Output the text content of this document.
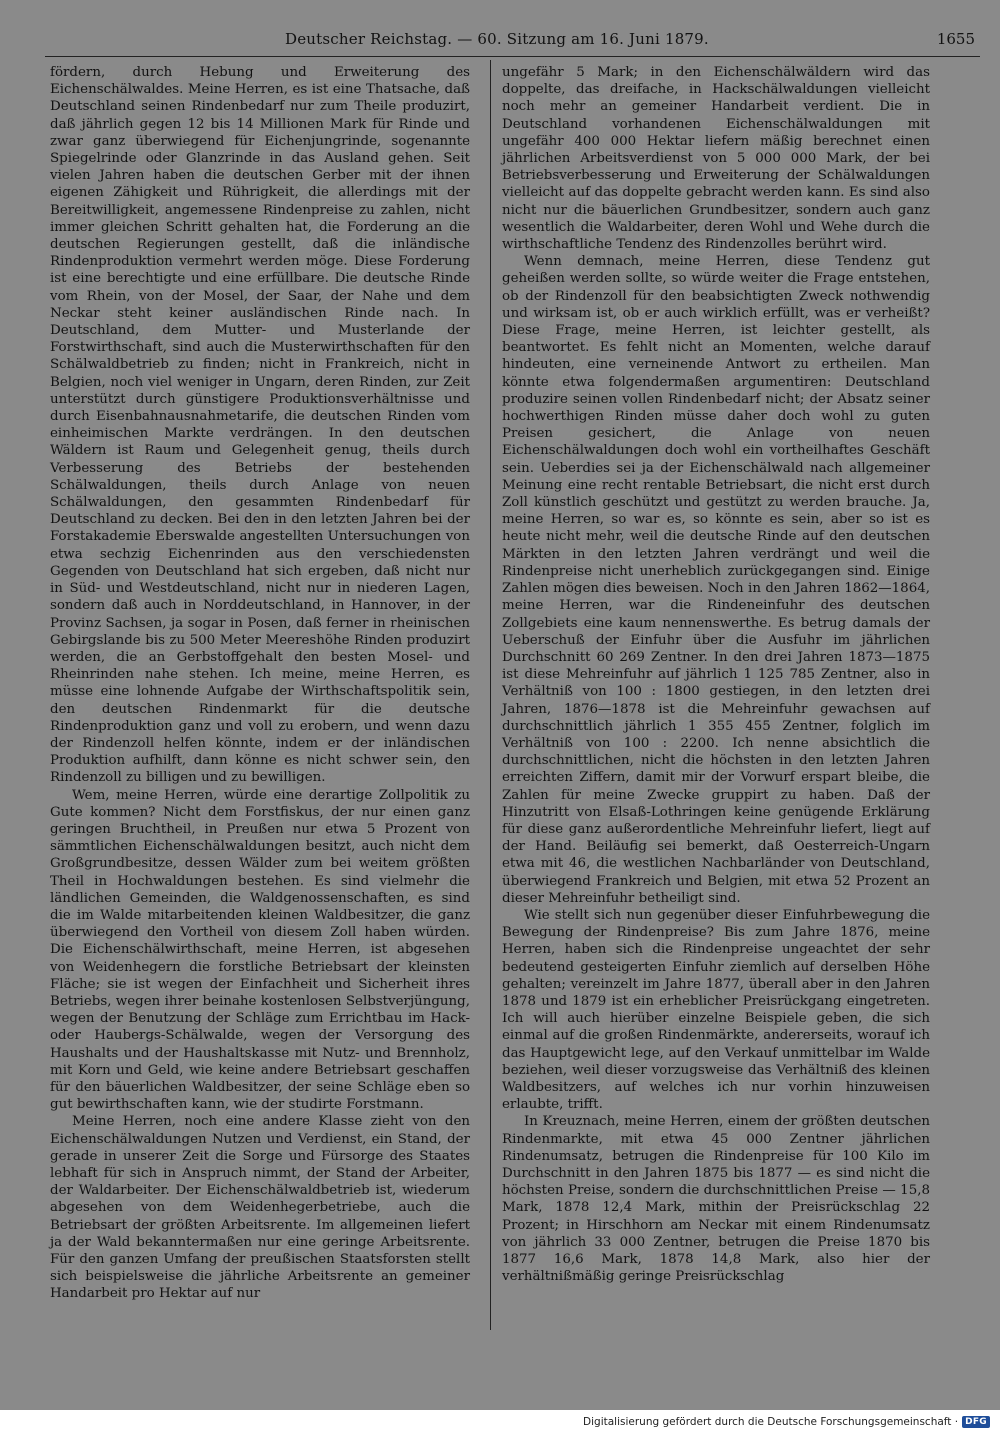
Deutscher Reichstag. — 60. Sitzung am 16. Juni 1879.	1655

fördern, durch Hebung und Erweiterung des Eichenschälwaldes. Meine Herren, es ist eine Thatsache, daß Deutschland seinen Rindenbedarf nur zum Theile produzirt, daß jährlich gegen 12 bis 14 Millionen Mark für Rinde und zwar ganz überwiegend für Eichenjungrinde, sogenannte Spiegelrinde oder Glanzrinde in das Ausland gehen. Seit vielen Jahren haben die deutschen Gerber mit der ihnen eigenen Zähigkeit und Rührigkeit, die allerdings mit der Bereitwilligkeit, angemessene Rindenpreise zu zahlen, nicht immer gleichen Schritt gehalten hat, die Forderung an die deutschen Regierungen gestellt, daß die inländische Rindenproduktion vermehrt werden möge. Diese Forderung ist eine berechtigte und eine erfüllbare. Die deutsche Rinde vom Rhein, von der Mosel, der Saar, der Nahe und dem Neckar steht keiner ausländischen Rinde nach. In Deutschland, dem Mutter- und Musterlande der Forstwirthschaft, sind auch die Musterwirthschaften für den Schälwaldbetrieb zu finden; nicht in Frankreich, nicht in Belgien, noch viel weniger in Ungarn, deren Rinden, zur Zeit unterstützt durch günstigere Produktionsverhältnisse und durch Eisenbahnausnahmetarife, die deutschen Rinden vom einheimischen Markte verdrängen. In den deutschen Wäldern ist Raum und Gelegenheit genug, theils durch Verbesserung des Betriebs der bestehenden Schälwaldungen, theils durch Anlage von neuen Schälwaldungen, den gesammten Rindenbedarf für Deutschland zu decken. Bei den in den letzten Jahren bei der Forstakademie Eberswalde angestellten Untersuchungen von etwa sechzig Eichenrinden aus den verschiedensten Gegenden von Deutschland hat sich ergeben, daß nicht nur in Süd- und Westdeutschland, nicht nur in niederen Lagen, sondern daß auch in Norddeutschland, in Hannover, in der Provinz Sachsen, ja sogar in Posen, daß ferner in rheinischen Gebirgslande bis zu 500 Meter Meereshöhe Rinden produzirt werden, die an Gerbstoffgehalt den besten Mosel- und Rheinrinden nahe stehen. Ich meine, meine Herren, es müsse eine lohnende Aufgabe der Wirthschaftspolitik sein, den deutschen Rindenmarkt für die deutsche Rindenproduktion ganz und voll zu erobern, und wenn dazu der Rindenzoll helfen könnte, indem er der inländischen Produktion aufhilft, dann könne es nicht schwer sein, den Rindenzoll zu billigen und zu bewilligen.

Wem, meine Herren, würde eine derartige Zollpolitik zu Gute kommen? Nicht dem Forstfiskus, der nur einen ganz geringen Bruchtheil, in Preußen nur etwa 5 Prozent von sämmtlichen Eichenschälwaldungen besitzt, auch nicht dem Großgrundbesitze, dessen Wälder zum bei weitem größten Theil in Hochwaldungen bestehen. Es sind vielmehr die ländlichen Gemeinden, die Waldgenossenschaften, es sind die im Walde mitarbeitenden kleinen Waldbesitzer, die ganz überwiegend den Vortheil von diesem Zoll haben würden. Die Eichenschälwirthschaft, meine Herren, ist abgesehen von Weidenhegern die forstliche Betriebsart der kleinsten Fläche; sie ist wegen der Einfachheit und Sicherheit ihres Betriebs, wegen ihrer beinahe kostenlosen Selbstverjüngung, wegen der Benutzung der Schläge zum Errichtbau im Hack- oder Haubergs-Schälwalde, wegen der Versorgung des Haushalts und der Haushaltskasse mit Nutz- und Brennholz, mit Korn und Geld, wie keine andere Betriebsart geschaffen für den bäuerlichen Waldbesitzer, der seine Schläge eben so gut bewirthschaften kann, wie der studirte Forstmann.

Meine Herren, noch eine andere Klasse zieht von den Eichenschälwaldungen Nutzen und Verdienst, ein Stand, der gerade in unserer Zeit die Sorge und Fürsorge des Staates lebhaft für sich in Anspruch nimmt, der Stand der Arbeiter, der Waldarbeiter. Der Eichenschälwaldbetrieb ist, wiederum abgesehen von dem Weidenhegerbetriebe, auch die Betriebsart der größten Arbeitsrente. Im allgemeinen liefert ja der Wald bekanntermaßen nur eine geringe Arbeitsrente. Für den ganzen Umfang der preußischen Staatsforsten stellt sich beispielsweise die jährliche Arbeitsrente an gemeiner Handarbeit pro Hektar auf nur

ungefähr 5 Mark; in den Eichenschälwäldern wird das doppelte, das dreifache, in Hackschälwaldungen vielleicht noch mehr an gemeiner Handarbeit verdient. Die in Deutschland vorhandenen Eichenschälwaldungen mit ungefähr 400 000 Hektar liefern mäßig berechnet einen jährlichen Arbeitsverdienst von 5 000 000 Mark, der bei Betriebsverbesserung und Erweiterung der Schälwaldungen vielleicht auf das doppelte gebracht werden kann. Es sind also nicht nur die bäuerlichen Grundbesitzer, sondern auch ganz wesentlich die Waldarbeiter, deren Wohl und Wehe durch die wirthschaftliche Tendenz des Rindenzolles berührt wird.

Wenn demnach, meine Herren, diese Tendenz gut geheißen werden sollte, so würde weiter die Frage entstehen, ob der Rindenzoll für den beabsichtigten Zweck nothwendig und wirksam ist, ob er auch wirklich erfüllt, was er verheißt? Diese Frage, meine Herren, ist leichter gestellt, als beantwortet. Es fehlt nicht an Momenten, welche darauf hindeuten, eine verneinende Antwort zu ertheilen. Man könnte etwa folgendermaßen argumentiren: Deutschland produzire seinen vollen Rindenbedarf nicht; der Absatz seiner hochwerthigen Rinden müsse daher doch wohl zu guten Preisen gesichert, die Anlage von neuen Eichenschälwaldungen doch wohl ein vortheilhaftes Geschäft sein. Ueberdies sei ja der Eichenschälwald nach allgemeiner Meinung eine recht rentable Betriebsart, die nicht erst durch Zoll künstlich geschützt und gestützt zu werden brauche. Ja, meine Herren, so war es, so könnte es sein, aber so ist es heute nicht mehr, weil die deutsche Rinde auf den deutschen Märkten in den letzten Jahren verdrängt und weil die Rindenpreise nicht unerheblich zurückgegangen sind. Einige Zahlen mögen dies beweisen. Noch in den Jahren 1862—1864, meine Herren, war die Rindeneinfuhr des deutschen Zollgebiets eine kaum nennenswerthe. Es betrug damals der Ueberschuß der Einfuhr über die Ausfuhr im jährlichen Durchschnitt 60 269 Zentner. In den drei Jahren 1873—1875 ist diese Mehreinfuhr auf jährlich 1 125 785 Zentner, also in Verhältniß von 100 : 1800 gestiegen, in den letzten drei Jahren, 1876—1878 ist die Mehreinfuhr gewachsen auf durchschnittlich jährlich 1 355 455 Zentner, folglich im Verhältniß von 100 : 2200. Ich nenne absichtlich die durchschnittlichen, nicht die höchsten in den letzten Jahren erreichten Ziffern, damit mir der Vorwurf erspart bleibe, die Zahlen für meine Zwecke gruppirt zu haben. Daß der Hinzutritt von Elsaß-Lothringen keine genügende Erklärung für diese ganz außerordentliche Mehreinfuhr liefert, liegt auf der Hand. Beiläufig sei bemerkt, daß Oesterreich-Ungarn etwa mit 46, die westlichen Nachbarländer von Deutschland, überwiegend Frankreich und Belgien, mit etwa 52 Prozent an dieser Mehreinfuhr betheiligt sind.

Wie stellt sich nun gegenüber dieser Einfuhrbewegung die Bewegung der Rindenpreise? Bis zum Jahre 1876, meine Herren, haben sich die Rindenpreise ungeachtet der sehr bedeutend gesteigerten Einfuhr ziemlich auf derselben Höhe gehalten; vereinzelt im Jahre 1877, überall aber in den Jahren 1878 und 1879 ist ein erheblicher Preisrückgang eingetreten. Ich will auch hierüber einzelne Beispiele geben, die sich einmal auf die großen Rindenmärkte, andererseits, worauf ich das Hauptgewicht lege, auf den Verkauf unmittelbar im Walde beziehen, weil dieser vorzugsweise das Verhältniß des kleinen Waldbesitzers, auf welches ich nur vorhin hinzuweisen erlaubte, trifft.

In Kreuznach, meine Herren, einem der größten deutschen Rindenmarkte, mit etwa 45 000 Zentner jährlichen Rindenumsatz, betrugen die Rindenpreise für 100 Kilo im Durchschnitt in den Jahren 1875 bis 1877 — es sind nicht die höchsten Preise, sondern die durchschnittlichen Preise — 15,8 Mark, 1878 12,4 Mark, mithin der Preisrückschlag 22 Prozent; in Hirschhorn am Neckar mit einem Rindenumsatz von jährlich 33 000 Zentner, betrugen die Preise 1870 bis 1877 16,6 Mark, 1878 14,8 Mark, also hier der verhältnißmäßig geringe Preisrückschlag

Digitalisierung gefördert durch die Deutsche Forschungsgemeinschaft · DFG
